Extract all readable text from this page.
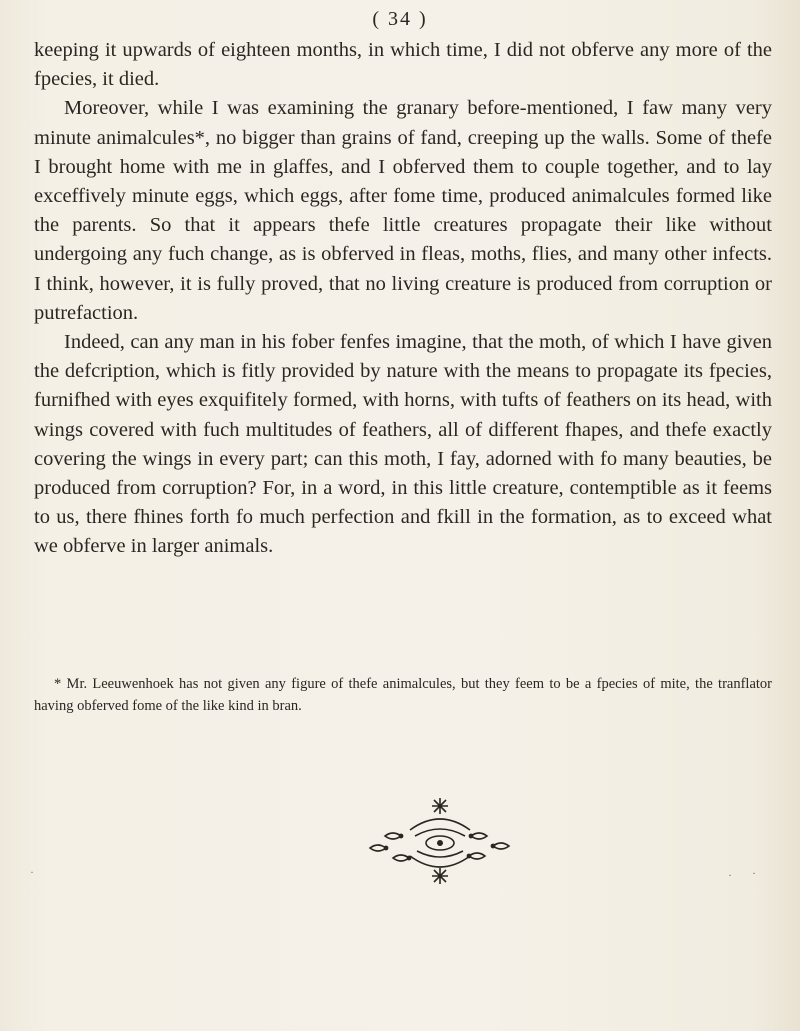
( 34 )

keeping it upwards of eighteen months, in which time, I did not obferve any more of the fpecies, it died.

Moreover, while I was examining the granary before-mentioned, I faw many very minute animalcules*, no bigger than grains of fand, creeping up the walls. Some of thefe I brought home with me in glaffes, and I obferved them to couple together, and to lay exceffively minute eggs, which eggs, after fome time, produced animalcules formed like the parents. So that it appears thefe little creatures propagate their like without undergoing any fuch change, as is obferved in fleas, moths, flies, and many other infects. I think, however, it is fully proved, that no living creature is produced from corruption or putrefaction.

Indeed, can any man in his fober fenfes imagine, that the moth, of which I have given the defcription, which is fitly provided by nature with the means to propagate its fpecies, furnifhed with eyes exquifitely formed, with horns, with tufts of feathers on its head, with wings covered with fuch multitudes of feathers, all of different fhapes, and thefe exactly covering the wings in every part; can this moth, I fay, adorned with fo many beauties, be produced from corruption? For, in a word, in this little creature, contemptible as it feems to us, there fhines forth fo much perfection and fkill in the formation, as to exceed what we obferve in larger animals.

* Mr. Leeuwenhoek has not given any figure of thefe animalcules, but they feem to be a fpecies of mite, the tranflator having obferved fome of the like kind in bran.

·	· ·
